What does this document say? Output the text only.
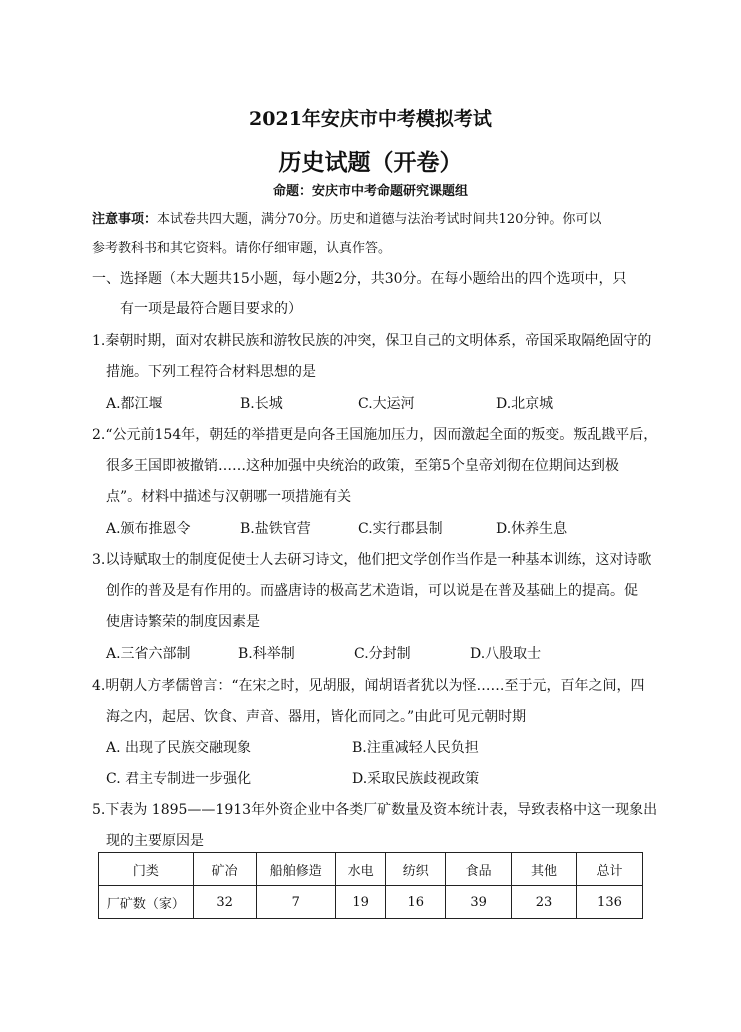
2021年安庆市中考模拟考试
历史试题（开卷）
命题：安庆市中考命题研究课题组
注意事项：本试卷共四大题，满分70分。历史和道德与法治考试时间共120分钟。你可以
参考教科书和其它资料。请你仔细审题，认真作答。
一、选择题（本大题共15小题，每小题2分，共30分。在每小题给出的四个选项中，只
有一项是最符合题目要求的）
1.秦朝时期，面对农耕民族和游牧民族的冲突，保卫自己的文明体系，帝国采取隔绝固守的
措施。下列工程符合材料思想的是
A.都江堰	B.长城	C.大运河	D.北京城
2.“公元前154年，朝廷的举措更是向各王国施加压力，因而激起全面的叛变。叛乱戡平后，
很多王国即被撤销……这种加强中央统治的政策，至第5个皇帝刘彻在位期间达到极
点”。材料中描述与汉朝哪一项措施有关
A.颁布推恩令	B.盐铁官营	C.实行郡县制	D.休养生息
3.以诗赋取士的制度促使士人去研习诗文，他们把文学创作当作是一种基本训练，这对诗歌
创作的普及是有作用的。而盛唐诗的极高艺术造诣，可以说是在普及基础上的提高。促
使唐诗繁荣的制度因素是
A.三省六部制	B.科举制	C.分封制	D.八股取士
4.明朝人方孝儒曾言：“在宋之时，见胡服，闻胡语者犹以为怪……至于元，百年之间，四
海之内，起居、饮食、声音、器用，皆化而同之。”由此可见元朝时期
A. 出现了民族交融现象	B.注重减轻人民负担
C. 君主专制进一步强化	D.采取民族歧视政策
5.下表为 1895——1913年外资企业中各类厂矿数量及资本统计表，导致表格中这一现象出
现的主要原因是
门类	矿冶	船舶修造	水电	纺织	食品	其他	总计
厂矿数（家）	32	7	19	16	39	23	136
